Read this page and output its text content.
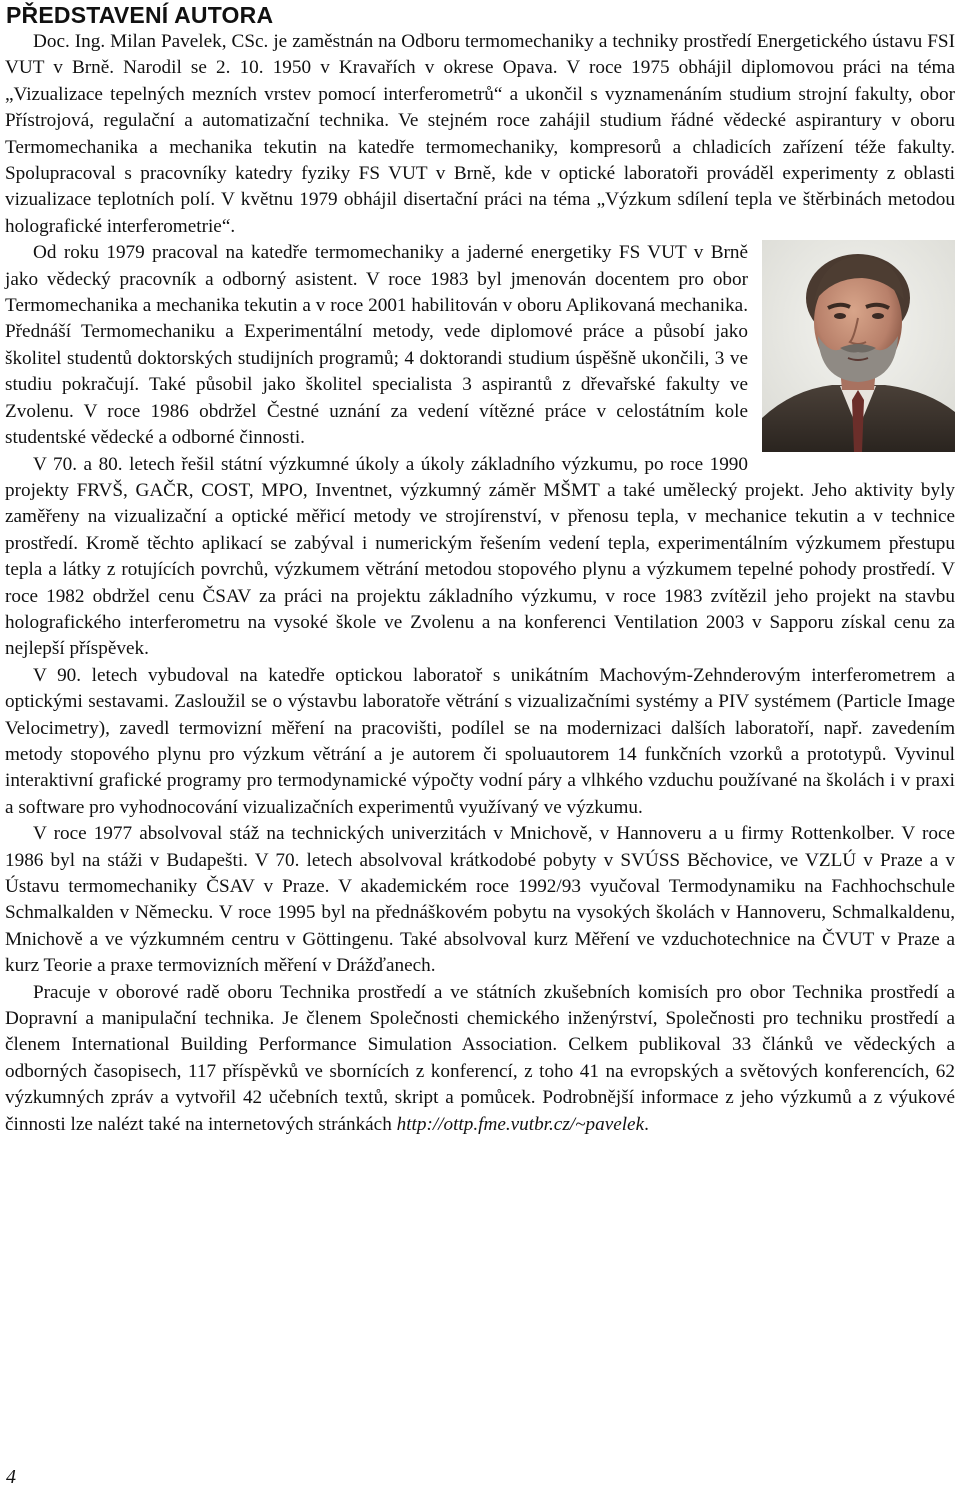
PŘEDSTAVENÍ AUTORA

Doc. Ing. Milan Pavelek, CSc. je zaměstnán na Odboru termomechaniky a techniky prostředí Energetického ústavu FSI VUT v Brně. Narodil se 2. 10. 1950 v Kravařích v okrese Opava. V roce 1975 obhájil diplomovou práci na téma „Vizualizace tepelných mezních vrstev pomocí interferometrů“ a ukončil s vyznamenáním studium strojní fakulty, obor Přístrojová, regulační a automatizační technika. Ve stejném roce zahájil studium řádné vědecké aspirantury v oboru Termomechanika a mechanika tekutin na katedře termomechaniky, kompresorů a chladicích zařízení téže fakulty. Spolupracoval s pracovníky katedry fyziky FS VUT v Brně, kde v optické laboratoři prováděl experimenty z oblasti vizualizace teplotních polí. V květnu 1979 obhájil disertační práci na téma „Výzkum sdílení tepla ve štěrbinách metodou holografické interferometrie“.

Od roku 1979 pracoval na katedře termomechaniky a jaderné energetiky FS VUT v Brně jako vědecký pracovník a odborný asistent. V roce 1983 byl jmenován docentem pro obor Termomechanika a mechanika tekutin a v roce 2001 habilitován v oboru Aplikovaná mechanika. Přednáší Termomechaniku a Experimentální metody, vede diplomové práce a působí jako školitel studentů doktorských studijních programů; 4 doktorandi studium úspěšně ukončili, 3 ve studiu pokračují. Také působil jako školitel specialista 3 aspirantů z dřevařské fakulty ve Zvolenu. V roce 1986 obdržel Čestné uznání za vedení vítězné práce v celostátním kole studentské vědecké a odborné činnosti.

V 70. a 80. letech řešil státní výzkumné úkoly a úkoly základního výzkumu, po roce 1990 projekty FRVŠ, GAČR, COST, MPO, Inventnet, výzkumný záměr MŠMT a také umělecký projekt. Jeho aktivity byly zaměřeny na vizualizační a optické měřicí metody ve strojírenství, v přenosu tepla, v mechanice tekutin a v technice prostředí. Kromě těchto aplikací se zabýval i numerickým řešením vedení tepla, experimentálním výzkumem přestupu tepla a látky z rotujících povrchů, výzkumem větrání metodou stopového plynu a výzkumem tepelné pohody prostředí. V roce 1982 obdržel cenu ČSAV za práci na projektu základního výzkumu, v roce 1983 zvítězil jeho projekt na stavbu holografického interferometru na vysoké škole ve Zvolenu a na konferenci Ventilation 2003 v Sapporu získal cenu za nejlepší příspěvek.

V 90. letech vybudoval na katedře optickou laboratoř s unikátním Machovým-Zehnderovým interferometrem a optickými sestavami. Zasloužil se o výstavbu laboratoře větrání s vizualizačními systémy a PIV systémem (Particle Image Velocimetry), zavedl termovizní měření na pracovišti, podílel se na modernizaci dalších laboratoří, např. zavedením metody stopového plynu pro výzkum větrání a je autorem či spoluautorem 14 funkčních vzorků a prototypů. Vyvinul interaktivní grafické programy pro termodynamické výpočty vodní páry a vlhkého vzduchu používané na školách i v praxi a software pro vyhodnocování vizualizačních experimentů využívaný ve výzkumu.

V roce 1977 absolvoval stáž na technických univerzitách v Mnichově, v Hannoveru a u firmy Rottenkolber. V roce 1986 byl na stáži v Budapešti. V 70. letech absolvoval krátkodobé pobyty v SVÚSS Běchovice, ve VZLÚ v Praze a v Ústavu termomechaniky ČSAV v Praze. V akademickém roce 1992/93 vyučoval Termodynamiku na Fachhochschule Schmalkalden v Německu. V roce 1995 byl na přednáškovém pobytu na vysokých školách v Hannoveru, Schmalkaldenu, Mnichově a ve výzkumném centru v Göttingenu. Také absolvoval kurz Měření ve vzduchotechnice na ČVUT v Praze a kurz Teorie a praxe termovizních měření v Drážďanech.

Pracuje v oborové radě oboru Technika prostředí a ve státních zkušebních komisích pro obor Technika prostředí a Dopravní a manipulační technika. Je členem Společnosti chemického inženýrství, Společnosti pro techniku prostředí a členem International Building Performance Simulation Association. Celkem publikoval 33 článků ve vědeckých a odborných časopisech, 117 příspěvků ve sbornících z konferencí, z toho 41 na evropských a světových konferencích, 62 výzkumných zpráv a vytvořil 42 učebních textů, skript a pomůcek. Podrobnější informace z jeho výzkumů a z výukové činnosti lze nalézt také na internetových stránkách http://ottp.fme.vutbr.cz/~pavelek.

4
